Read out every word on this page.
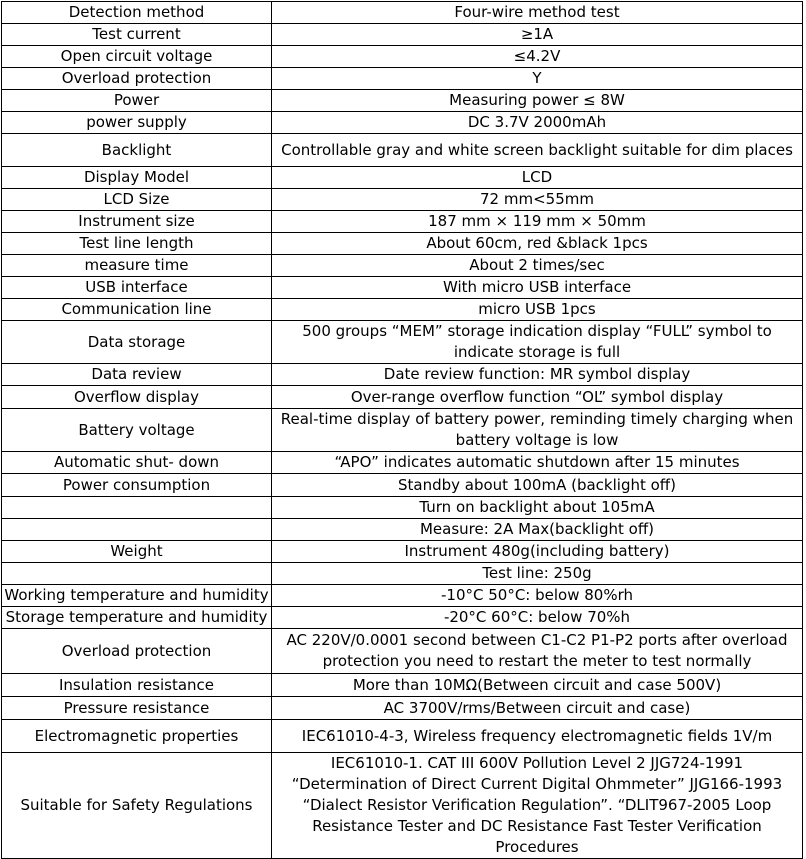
Detection method	Four-wire method test
Test current	≥1A
Open circuit voltage	≤4.2V
Overload protection	Y
Power	Measuring power ≤ 8W
power supply	DC 3.7V 2000mAh
Backlight	Controllable gray and white screen backlight suitable for dim places
Display Model	LCD
LCD Size	72 mm<55mm
Instrument size	187 mm × 119 mm × 50mm
Test line length	About 60cm, red &black 1pcs
measure time	About 2 times/sec
USB interface	With micro USB interface
Communication line	micro USB 1pcs
Data storage	500 groups “MEM” storage indication display “FULL” symbol to indicate storage is full
Data review	Date review function: MR symbol display
Overflow display	Over-range overflow function “OL” symbol display
Battery voltage	Real-time display of battery power, reminding timely charging when battery voltage is low
Automatic shut- down	“APO” indicates automatic shutdown after 15 minutes
Power consumption	Standby about 100mA (backlight off)
	Turn on backlight about 105mA
	Measure: 2A Max(backlight off)
Weight	Instrument 480g(including battery)
	Test line: 250g
Working temperature and humidity	-10°C 50°C: below 80%rh
Storage temperature and humidity	-20°C 60°C: below 70%h
Overload protection	AC 220V/0.0001 second between C1-C2 P1-P2 ports after overload protection you need to restart the meter to test normally
Insulation resistance	More than 10MΩ(Between circuit and case 500V)
Pressure resistance	AC 3700V/rms/Between circuit and case)
Electromagnetic properties	IEC61010-4-3, Wireless frequency electromagnetic fields 1V/m
Suitable for Safety Regulations	IEC61010-1. CAT III 600V Pollution Level 2 JJG724-1991 “Determination of Direct Current Digital Ohmmeter” JJG166-1993 “Dialect Resistor Verification Regulation”. “DLIT967-2005 Loop Resistance Tester and DC Resistance Fast Tester Verification Procedures
